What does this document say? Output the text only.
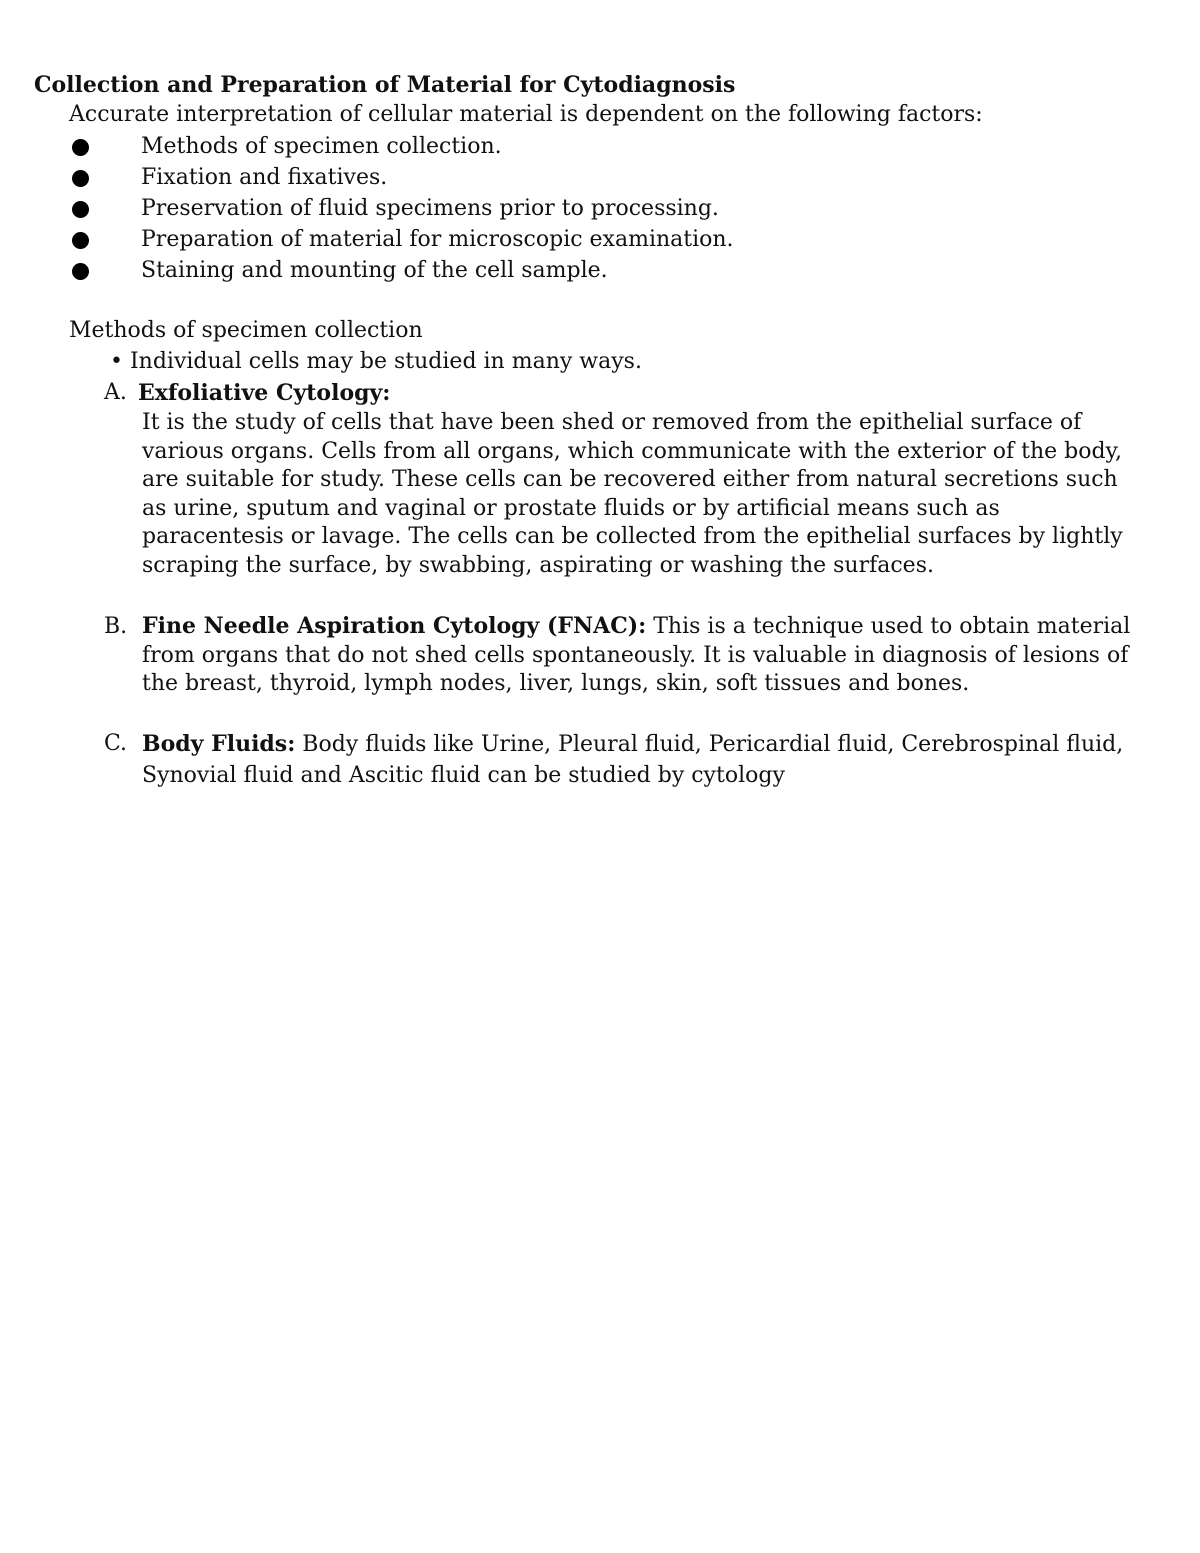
Collection and Preparation of Material for Cytodiagnosis
Accurate interpretation of cellular material is dependent on the following factors:
Methods of specimen collection.
Fixation and fixatives.
Preservation of fluid specimens prior to processing.
Preparation of material for microscopic examination.
Staining and mounting of the cell sample.
Methods of specimen collection
• Individual cells may be studied in many ways.
A. Exfoliative Cytology:
It is the study of cells that have been shed or removed from the epithelial surface of various organs. Cells from all organs, which communicate with the exterior of the body, are suitable for study. These cells can be recovered either from natural secretions such as urine, sputum and vaginal or prostate fluids or by artificial means such as paracentesis or lavage. The cells can be collected from the epithelial surfaces by lightly scraping the surface, by swabbing, aspirating or washing the surfaces.
B. Fine Needle Aspiration Cytology (FNAC): This is a technique used to obtain material from organs that do not shed cells spontaneously. It is valuable in diagnosis of lesions of the breast, thyroid, lymph nodes, liver, lungs, skin, soft tissues and bones.
C. Body Fluids: Body fluids like Urine, Pleural fluid, Pericardial fluid, Cerebrospinal fluid, Synovial fluid and Ascitic fluid can be studied by cytology
